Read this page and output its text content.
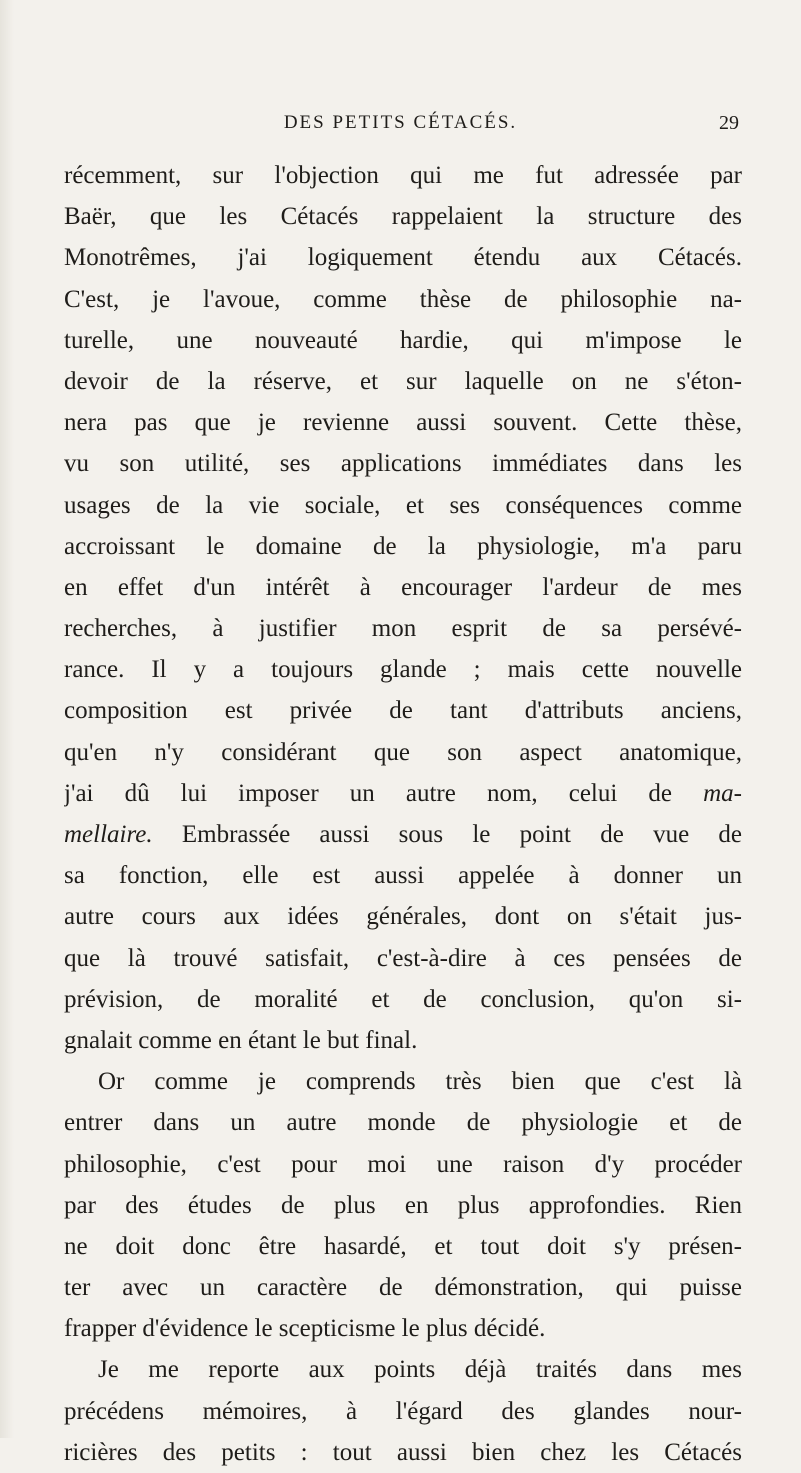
DES PETITS CÉTACÉS.	29
récemment, sur l'objection qui me fut adressée par
Baër, que les Cétacés rappelaient la structure des
Monotrêmes, j'ai logiquement étendu aux Cétacés.
C'est, je l'avoue, comme thèse de philosophie na-
turelle, une nouveauté hardie, qui m'impose le
devoir de la réserve, et sur laquelle on ne s'éton-
nera pas que je revienne aussi souvent. Cette thèse,
vu son utilité, ses applications immédiates dans les
usages de la vie sociale, et ses conséquences comme
accroissant le domaine de la physiologie, m'a paru
en effet d'un intérêt à encourager l'ardeur de mes
recherches, à justifier mon esprit de sa persévé-
rance. Il y a toujours glande ; mais cette nouvelle
composition est privée de tant d'attributs anciens,
qu'en n'y considérant que son aspect anatomique,
j'ai dû lui imposer un autre nom, celui de ma-
mellaire. Embrassée aussi sous le point de vue de
sa fonction, elle est aussi appelée à donner un
autre cours aux idées générales, dont on s'était jus-
que là trouvé satisfait, c'est-à-dire à ces pensées de
prévision, de moralité et de conclusion, qu'on si-
gnalait comme en étant le but final.
Or comme je comprends très bien que c'est là
entrer dans un autre monde de physiologie et de
philosophie, c'est pour moi une raison d'y procéder
par des études de plus en plus approfondies. Rien
ne doit donc être hasardé, et tout doit s'y présen-
ter avec un caractère de démonstration, qui puisse
frapper d'évidence le scepticisme le plus décidé.
Je me reporte aux points déjà traités dans mes
précédens mémoires, à l'égard des glandes nour-
ricières des petits : tout aussi bien chez les Cétacés
